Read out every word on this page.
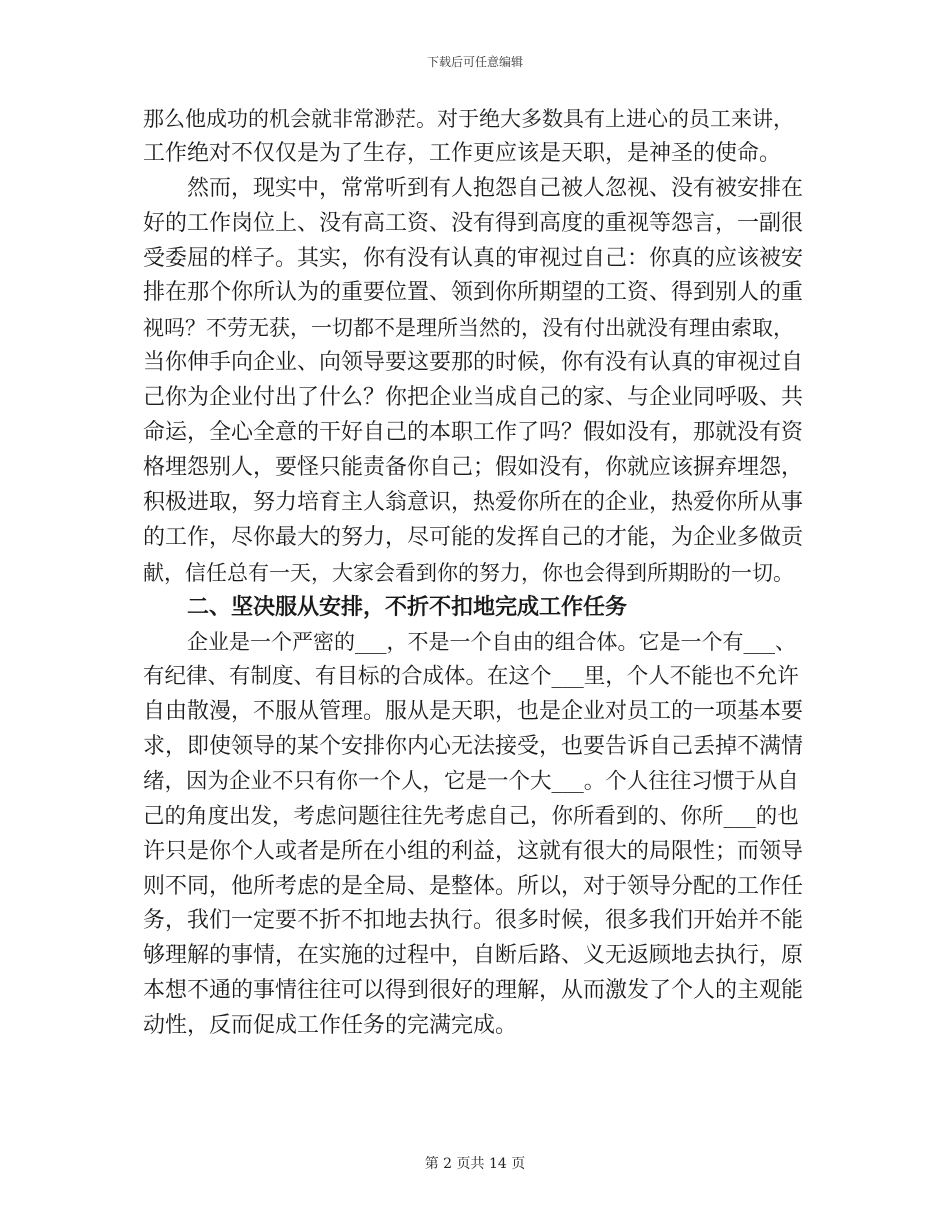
下载后可任意编辑
那么他成功的机会就非常渺茫。对于绝大多数具有上进心的员工来讲，
工作绝对不仅仅是为了生存，工作更应该是天职，是神圣的使命。
然而，现实中，常常听到有人抱怨自己被人忽视、没有被安排在
好的工作岗位上、没有高工资、没有得到高度的重视等怨言，一副很
受委屈的样子。其实，你有没有认真的审视过自己：你真的应该被安
排在那个你所认为的重要位置、领到你所期望的工资、得到别人的重
视吗？不劳无获，一切都不是理所当然的，没有付出就没有理由索取，
当你伸手向企业、向领导要这要那的时候，你有没有认真的审视过自
己你为企业付出了什么？你把企业当成自己的家、与企业同呼吸、共
命运，全心全意的干好自己的本职工作了吗？假如没有，那就没有资
格埋怨别人，要怪只能责备你自己；假如没有，你就应该摒弃埋怨，
积极进取，努力培育主人翁意识，热爱你所在的企业，热爱你所从事
的工作，尽你最大的努力，尽可能的发挥自己的才能，为企业多做贡
献，信任总有一天，大家会看到你的努力，你也会得到所期盼的一切。
二、坚决服从安排，不折不扣地完成工作任务
企业是一个严密的___，不是一个自由的组合体。它是一个有___、
有纪律、有制度、有目标的合成体。在这个___里，个人不能也不允许
自由散漫，不服从管理。服从是天职，也是企业对员工的一项基本要
求，即使领导的某个安排你内心无法接受，也要告诉自己丢掉不满情
绪，因为企业不只有你一个人，它是一个大___。个人往往习惯于从自
己的角度出发，考虑问题往往先考虑自己，你所看到的、你所___的也
许只是你个人或者是所在小组的利益，这就有很大的局限性；而领导
则不同，他所考虑的是全局、是整体。所以，对于领导分配的工作任
务，我们一定要不折不扣地去执行。很多时候，很多我们开始并不能
够理解的事情，在实施的过程中，自断后路、义无返顾地去执行，原
本想不通的事情往往可以得到很好的理解，从而激发了个人的主观能
动性，反而促成工作任务的完满完成。
第 2 页共 14 页
